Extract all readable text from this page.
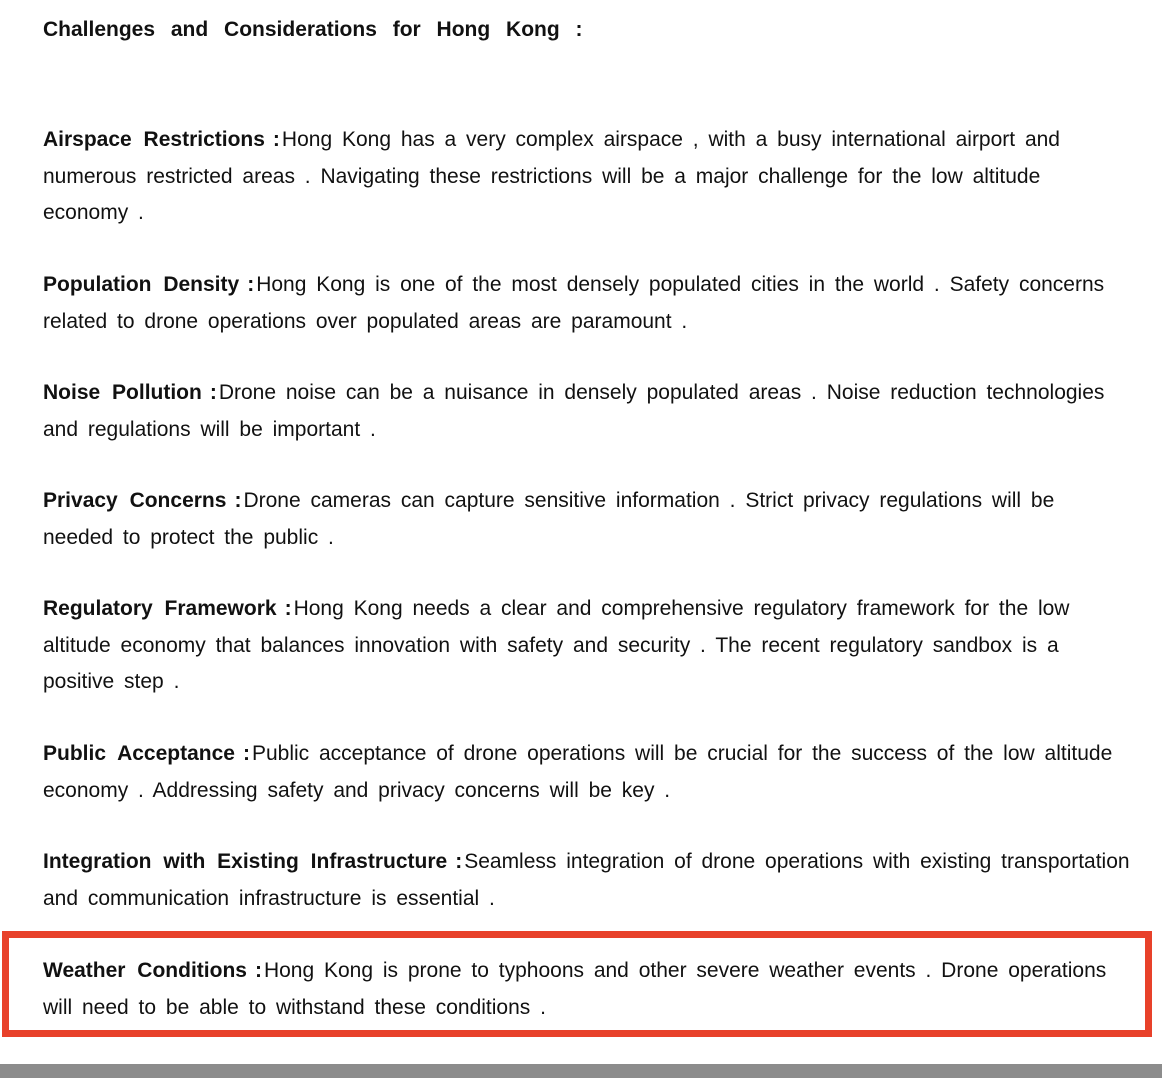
Challenges and Considerations for Hong Kong :

Airspace Restrictions :Hong Kong has a very complex airspace , with a busy international airport and numerous restricted areas . Navigating these restrictions will be a major challenge for the low altitude economy .

Population Density :Hong Kong is one of the most densely populated cities in the world . Safety concerns related to drone operations over populated areas are paramount .

Noise Pollution :Drone noise can be a nuisance in densely populated areas . Noise reduction technologies and regulations will be important .

Privacy Concerns :Drone cameras can capture sensitive information . Strict privacy regulations will be needed to protect the public .

Regulatory Framework :Hong Kong needs a clear and comprehensive regulatory framework for the low altitude economy that balances innovation with safety and security . The recent regulatory sandbox is a positive step .

Public Acceptance :Public acceptance of drone operations will be crucial for the success of the low altitude economy . Addressing safety and privacy concerns will be key .

Integration with Existing Infrastructure :Seamless integration of drone operations with existing transportation and communication infrastructure is essential .

Weather Conditions :Hong Kong is prone to typhoons and other severe weather events . Drone operations will need to be able to withstand these conditions .
